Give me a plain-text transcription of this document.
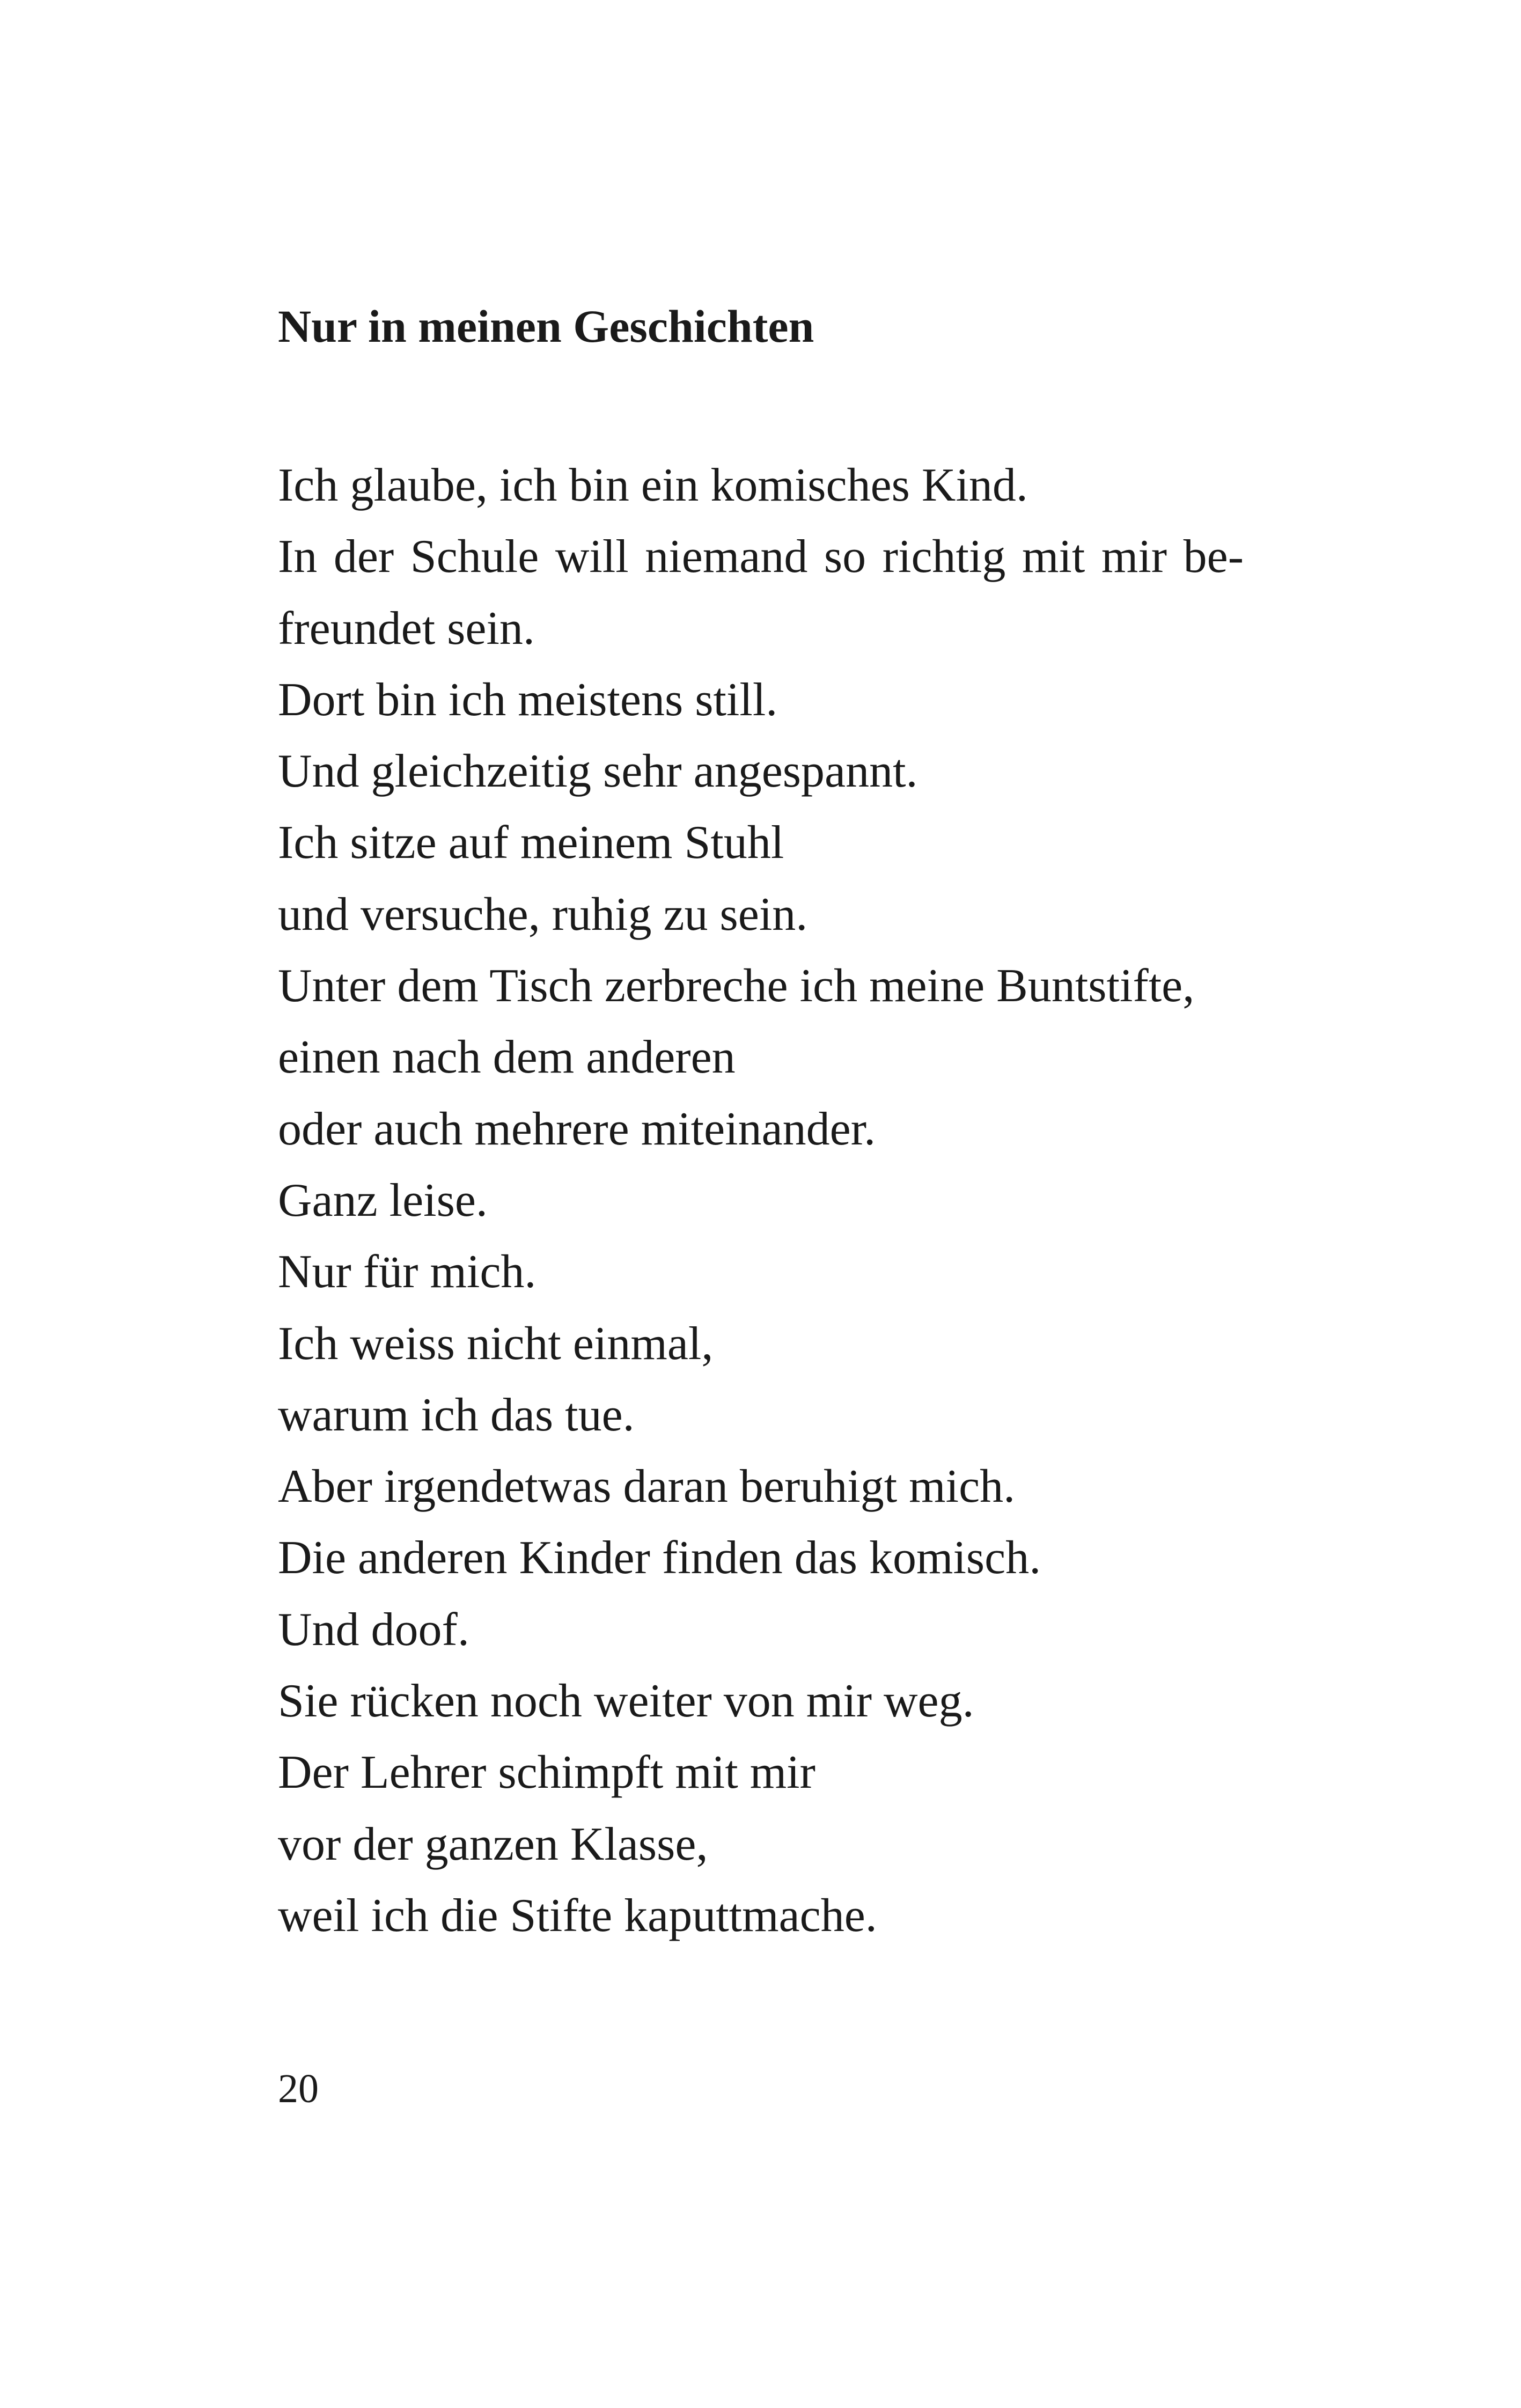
Nur in meinen Geschichten

Ich glaube, ich bin ein komisches Kind.

In der Schule will niemand so richtig mit mir be-

freundet sein.

Dort bin ich meistens still.

Und gleichzeitig sehr angespannt.

Ich sitze auf meinem Stuhl

und versuche, ruhig zu sein.

Unter dem Tisch zerbreche ich meine Buntstifte,

einen nach dem anderen

oder auch mehrere miteinander.

Ganz leise.

Nur für mich.

Ich weiss nicht einmal,

warum ich das tue.

Aber irgendetwas daran beruhigt mich.

Die anderen Kinder finden das komisch.

Und doof.

Sie rücken noch weiter von mir weg.

Der Lehrer schimpft mit mir

vor der ganzen Klasse,

weil ich die Stifte kaputtmache.

20
